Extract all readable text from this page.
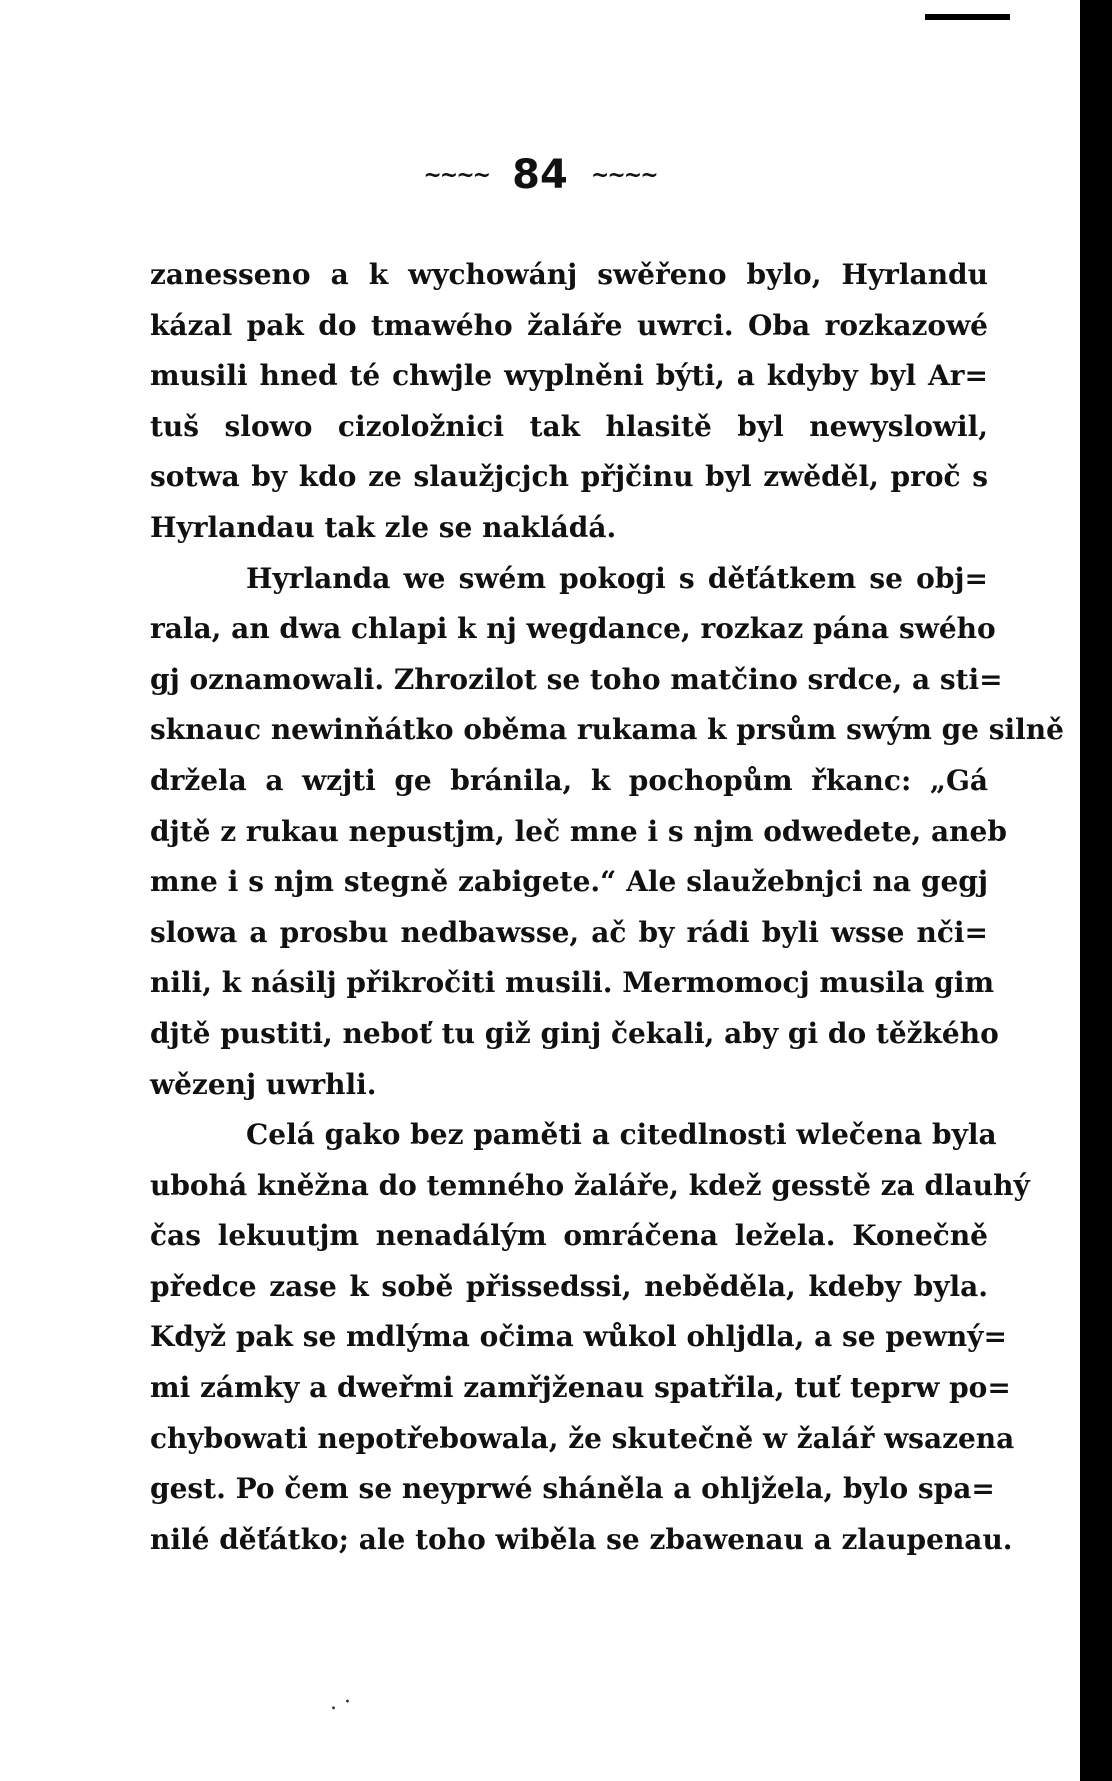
~~~~ 84 ~~~~
zanesseno a k wychowánj swěřeno bylo, Hyrlandu
kázal pak do tmawého žaláře uwrci. Oba rozkazowé
musili hned té chwjle wyplněni býti, a kdyby byl Ar=
tuš slowo cizoložnici tak hlasitě byl newyslowil,
sotwa by kdo ze slaužjcjch přjčinu byl zwěděl, proč s
Hyrlandau tak zle se nakládá.
Hyrlanda we swém pokogi s děťátkem se obj=
rala, an dwa chlapi k nj wegdance, rozkaz pána swého
gj oznamowali. Zhrozilot se toho matčino srdce, a sti=
sknauc newinňátko oběma rukama k prsům swým ge silně
držela a wzjti ge bránila, k pochopům řkanc: „Gá
djtě z rukau nepustjm, leč mne i s njm odwedete, aneb
mne i s njm stegně zabigete.“ Ale slaužebnjci na gegj
slowa a prosbu nedbawsse, ač by rádi byli wsse nči=
nili, k násilj přikročiti musili. Mermomocj musila gim
djtě pustiti, neboť tu giž ginj čekali, aby gi do těžkého
wězenj uwrhli.
Celá gako bez paměti a citedlnosti wlečena byla
ubohá kněžna do temného žaláře, kdež gesstě za dlauhý
čas lekuutjm nenadálým omráčena ležela. Konečně
předce zase k sobě přissedssi, neběděla, kdeby byla.
Když pak se mdlýma očima wůkol ohljdla, a se pewný=
mi zámky a dweřmi zamřjženau spatřila, tuť teprw po=
chybowati nepotřebowala, že skutečně w žalář wsazena
gest. Po čem se neyprwé sháněla a ohljžela, bylo spa=
nilé děťátko; ale toho wiběla se zbawenau a zlaupenau.
. ·
